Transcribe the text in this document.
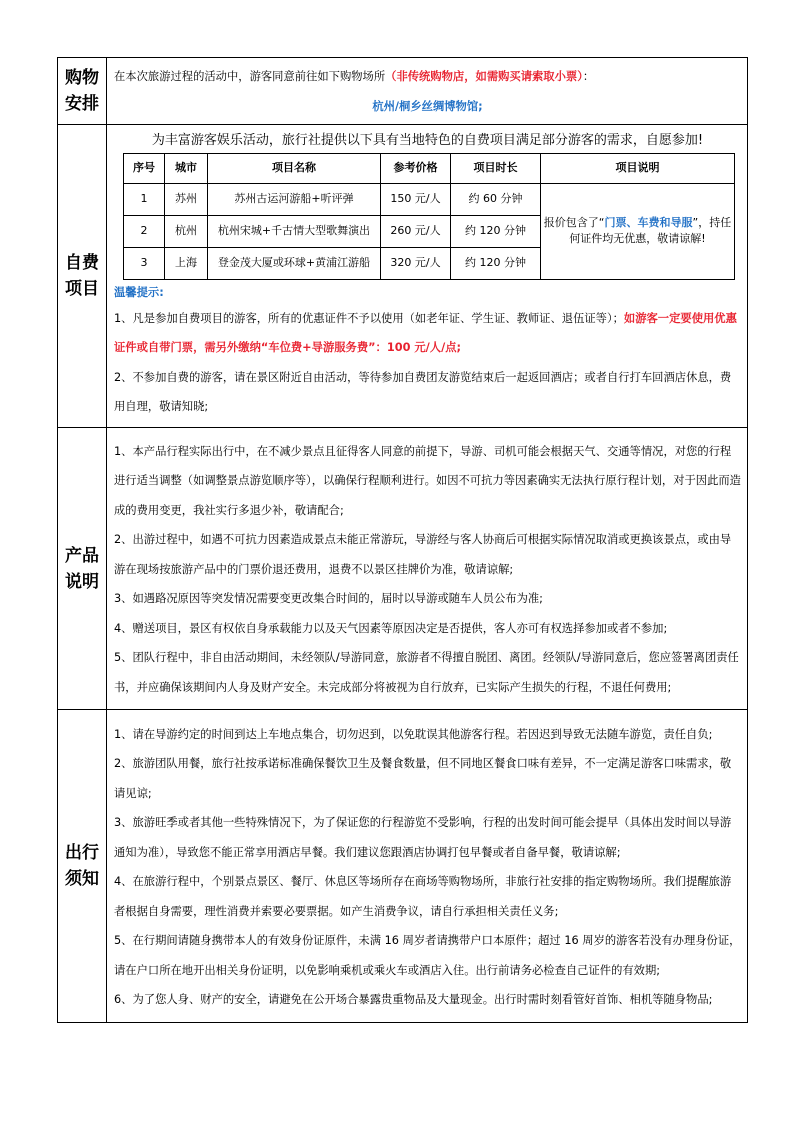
购物
安排

在本次旅游过程的活动中，游客同意前往如下购物场所（非传统购物店，如需购买请索取小票）：
杭州/桐乡丝绸博物馆;

自费
项目

为丰富游客娱乐活动，旅行社提供以下具有当地特色的自费项目满足部分游客的需求，自愿参加!
序号	城市	项目名称	参考价格	项目时长	项目说明
1	苏州	苏州古运河游船+听评弹	150 元/人	约 60 分钟	报价包含了“门票、车费和导服”，持任何证件均无优惠，敬请谅解!
2	杭州	杭州宋城+千古情大型歌舞演出	260 元/人	约 120 分钟
3	上海	登金茂大厦或环球+黄浦江游船	320 元/人	约 120 分钟
温馨提示:

1、凡是参加自费项目的游客，所有的优惠证件不予以使用（如老年证、学生证、教师证、退伍证等）；如游客一定要使用优惠证件或自带门票，需另外缴纳“车位费+导游服务费”：100 元/人/点;

2、不参加自费的游客，请在景区附近自由活动，等待参加自费团友游览结束后一起返回酒店；或者自行打车回酒店休息，费用自理，敬请知晓;

产品
说明

1、本产品行程实际出行中，在不减少景点且征得客人同意的前提下，导游、司机可能会根据天气、交通等情况，对您的行程进行适当调整（如调整景点游览顺序等），以确保行程顺利进行。如因不可抗力等因素确实无法执行原行程计划，对于因此而造成的费用变更，我社实行多退少补，敬请配合;

2、出游过程中，如遇不可抗力因素造成景点未能正常游玩，导游经与客人协商后可根据实际情况取消或更换该景点，或由导游在现场按旅游产品中的门票价退还费用，退费不以景区挂牌价为准，敬请谅解;

3、如遇路况原因等突发情况需要变更改集合时间的，届时以导游或随车人员公布为准;

4、赠送项目，景区有权依自身承载能力以及天气因素等原因决定是否提供，客人亦可有权选择参加或者不参加;

5、团队行程中，非自由活动期间，未经领队/导游同意，旅游者不得擅自脱团、离团。经领队/导游同意后，您应签署离团责任书，并应确保该期间内人身及财产安全。未完成部分将被视为自行放弃，已实际产生损失的行程，不退任何费用;

出行
须知

1、请在导游约定的时间到达上车地点集合，切勿迟到，以免耽误其他游客行程。若因迟到导致无法随车游览，责任自负;

2、旅游团队用餐，旅行社按承诺标准确保餐饮卫生及餐食数量，但不同地区餐食口味有差异，不一定满足游客口味需求，敬请见谅;

3、旅游旺季或者其他一些特殊情况下，为了保证您的行程游览不受影响，行程的出发时间可能会提早（具体出发时间以导游通知为准），导致您不能正常享用酒店早餐。我们建议您跟酒店协调打包早餐或者自备早餐，敬请谅解;

4、在旅游行程中，个别景点景区、餐厅、休息区等场所存在商场等购物场所，非旅行社安排的指定购物场所。我们提醒旅游者根据自身需要，理性消费并索要必要票据。如产生消费争议，请自行承担相关责任义务;

5、在行期间请随身携带本人的有效身份证原件，未满 16 周岁者请携带户口本原件；超过 16 周岁的游客若没有办理身份证，请在户口所在地开出相关身份证明，以免影响乘机或乘火车或酒店入住。出行前请务必检查自己证件的有效期;

6、为了您人身、财产的安全，请避免在公开场合暴露贵重物品及大量现金。出行时需时刻看管好首饰、相机等随身物品;
